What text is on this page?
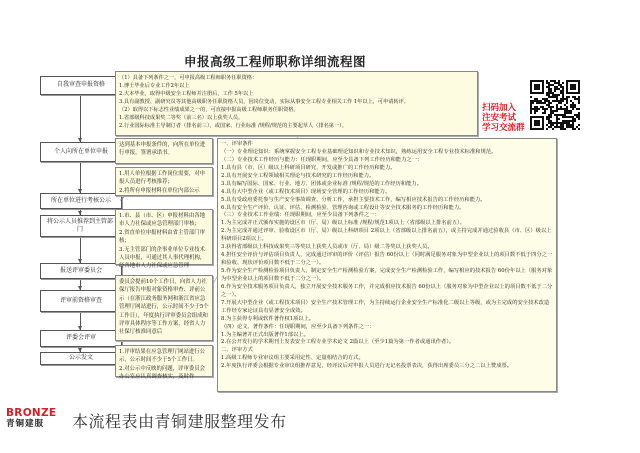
申报高级工程师职称详细流程图
自我审查申报资格
个人向所在单位申报
所在单位进行考核公示
将公示人员推荐到主管部门
报送评审委员会
评审前资格审查
评委会评审
公示发文
（1）具备下列条件之一，可申报高级工程师职务任职资格：
1.博士毕业后专业工作2年以上
2.大本毕业，取得中级安全工程师并注册后，工作 5年以上
3.具有副教授、副研究员等其他高级职务任职资格人员，因岗位变动，实际从事安全工程专业相关工作 1年以上，可申请转评。
（2）取得以下标志性业绩成果之一的，可直接申报高级工程师职务任职资格。
1.省部级科技成果奖二等奖（前三名）以上获奖人员。
2.行业国际标准主导制订者（排名前三），或国家、行业标准 /规程/规范的主要起草人（排名第一）。
扫码加入
注安考试
学习交流群
达到基本申报条件的，向所在单位进行申报，签署承诺书。
1.用人单位根据工作岗位需要，对申报人员进行考核推荐；
2.将所有申报材料在单位内部公示
1.市、县（市、区）申报材料由各地市人力社保或应急管理部门审核；
2.省直单位申报材料由省主管部门审核；
3.无主管部门的企事业单位专业技术人员申报，可通过其人事代理机构，经各地市人力社保或应急管理
委员会提前10个工作日，向省人力社保厅报告申报对象资格审查、评前公示（在浙江政务服务网和浙江省应急管理厅网站进行，公示时间不少于5个工作日），年度执行评审委员会组成和评审具体程序等工作方案，经省人力社保厅核准同意后
1.评审结果在应急管理厅网站进行公示，公示时间不少于5个工作日。
2.对公示中反映的问题，评审委员会办公室应认真调查核实，及时作
一、评审条件
（一）专业理论知识：系统掌握安全工程专业基础理论知识和专业技术知识，熟练运用安全工程专业技术标准和规范。
（二）专业技术工作经历与能力：任现职期间，应至少具备下列工作经历和能力之一：
1.具有县（市、区）级以上科研项目研究、开发或推广的工作经历和能力。
2.具有开展安全工程领域相关理论与技术研究的工作经历和能力。
3.具有编写国际、国家、行业、地方、团体或企业标准 /规程/规范的工作经历和能力。
4.具有大中型企业（或工程技术项目）现场安全管理的工作经历和能力。
5.具有受政府委托参与生产安全事故调查、分析工作，承担主要技术工作，编写相应技术报告的工作经历和能力。
6.具有安全生产评价、认证、评估、检测检验、管理咨询或工程设计等安全技术服务的工作经历和能力。
（三）专业技术工作业绩：任现职期间，应至少具备下列条件之一：
1.为主完成并正式颁布实施的设区市（厅、局）级以上标准 /规程/规范1项以上（省部级以上排名前五）。
2.为主完成并通过评审、验收设区市（厅、局）级以上科研项目 2项以上（省部级以上排名前五），或主持完成并通过验收县（市、区）级以上科研项目2项以上。
3.获得省部级以上科技成果奖三等奖以上获奖人员或市（厅、局）级二等奖以上获奖人员。
4.担任安全评价与评估项目负责人，完成通过评审的评价（评估）报告 60份以上（同时满足服务对象为中型企业以上的项目数不低于四分之一和验收、现状评价项目数不低于二分之一）。
5.作为安全生产检测检验项目负责人，制定安全生产检测检验方案，完成安全生产检测检验工作，编写相应的技术报告 60份年以上（服务对象为中型企业以上的项目数不低于二分之一）。
6.作为安全技术服务项目负责人，独立开展安全技术服务工作，并完成相应技术报告 60份以上（服务对象为中型企业以上的项目数不低于二分之一）。
7.开展大中型企业（或工程技术项目）安全生产技术管理工作，为主持续运行企业安全生产标准化二级以上等级，或为主完成的安全技术改造工作经专家论证具有显著安全成效。
8.为主获得专利或软件著作权1项以上。
（四）论文、著作条件：任现职期间，应至少具备下列条件之一：
1.为主编著并正式出版著作1部以上。
2.在公开发行的学术期刊上发表安全工程专业学术论文 2篇以上（至少1篇为第一作者或通讯作者）。
二、评审方式
1.高级工程师专业审议组主要采用定性、定量相结合的方式。
2.年度执行评委会根据专业审议组推荐意见，经评议后对申报人员进行无记名投票表决，获得出席委员三分之二以上赞成票。
BRONZE
青铜建服	本流程表由青铜建服整理发布
